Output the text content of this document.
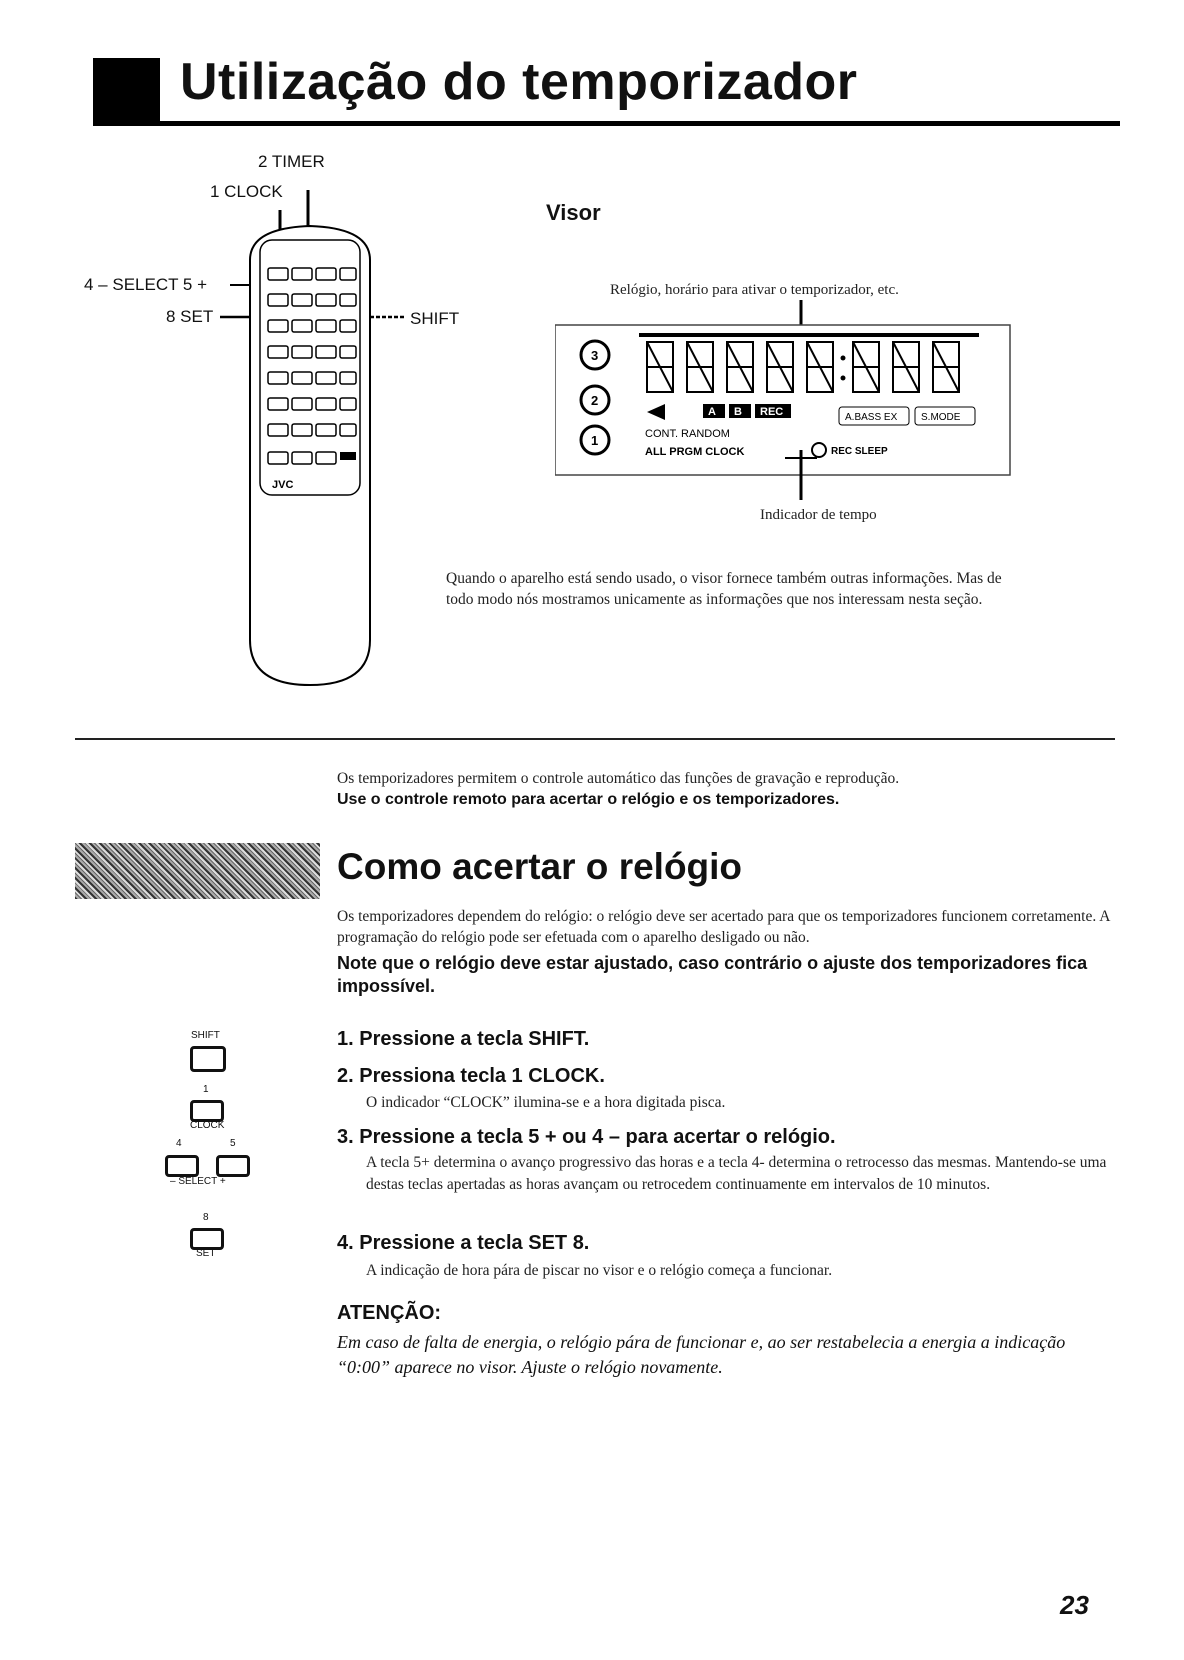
Utilização do temporizador
2 TIMER
1 CLOCK
4 – SELECT 5 +
8 SET	SHIFT
JVC
Visor
Relógio, horário para ativar o temporizador, etc.
3
2
1
A B REC
CONT. RANDOM
ALL PRGM CLOCK
A.BASS EX S.MODE
REC SLEEP
Indicador de tempo
Quando o aparelho está sendo usado, o visor fornece também outras informações. Mas de todo modo nós mostramos unicamente as informações que nos interessam nesta seção.
Os temporizadores permitem o controle automático das funções de gravação e reprodução.
Use o controle remoto para acertar o relógio e os temporizadores.
Como acertar o relógio
Os temporizadores dependem do relógio: o relógio deve ser acertado para que os temporizadores funcionem corretamente. A programação do relógio pode ser efetuada com o aparelho desligado ou não.
Note que o relógio deve estar ajustado, caso contrário o ajuste dos temporizadores fica impossível.
SHIFT
1
CLOCK
4	5
– SELECT +
8
SET
1. Pressione a tecla SHIFT.
2. Pressiona tecla 1 CLOCK.
O indicador “CLOCK” ilumina-se e a hora digitada pisca.
3. Pressione a tecla 5 + ou 4 – para acertar o relógio.
A tecla 5+ determina o avanço progressivo das horas e a tecla 4- determina o retrocesso das mesmas. Mantendo-se uma destas teclas apertadas as horas avançam ou retrocedem continuamente em intervalos de 10 minutos.
4. Pressione a tecla SET 8.
A indicação de hora pára de piscar no visor e o relógio começa a funcionar.
ATENÇÃO:
Em caso de falta de energia, o relógio pára de funcionar e, ao ser restabelecia a energia a indicação “0:00” aparece no visor. Ajuste o relógio novamente.
23
